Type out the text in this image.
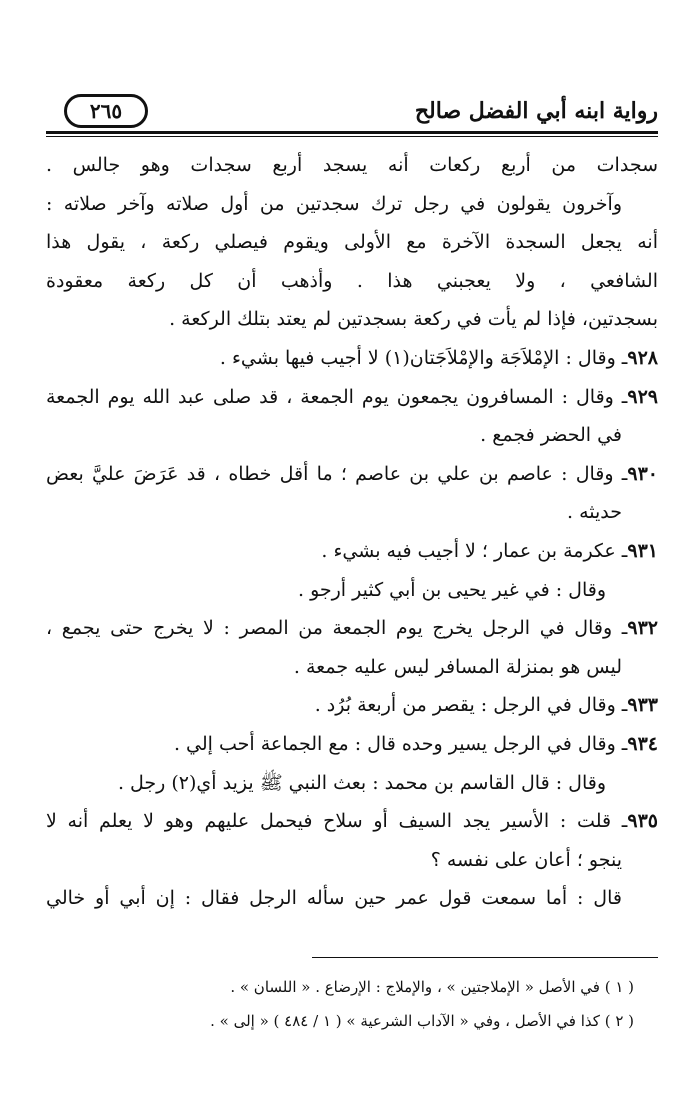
رواية ابنه أبي الفضل صالح
٢٦٥
سجدات من أربع ركعات أنه يسجد أربع سجدات وهو جالس .
وآخرون يقولون في رجل ترك سجدتين من أول صلاته وآخر صلاته :
أنه يجعل السجدة الآخرة مع الأولى ويقوم فيصلي ركعة ، يقول هذا
الشافعي ، ولا يعجبني هذا . وأذهب أن كل ركعة معقودة
بسجدتين، فإذا لم يأت في ركعة بسجدتين لم يعتد بتلك الركعة .
٩٢٨ـ وقال : الإمْلاَجَة والإمْلاَجَتان(١) لا أجيب فيها بشيء .
٩٢٩ـ وقال : المسافرون يجمعون يوم الجمعة ، قد صلى عبد الله يوم الجمعة
في الحضر فجمع .
٩٣٠ـ وقال : عاصم بن علي بن عاصم ؛ ما أقل خطاه ، قد عَرَضَ عليَّ بعض
حديثه .
٩٣١ـ عكرمة بن عمار ؛ لا أجيب فيه بشيء .
وقال : في غير يحيى بن أبي كثير أرجو .
٩٣٢ـ وقال في الرجل يخرج يوم الجمعة من المصر : لا يخرج حتى يجمع ،
ليس هو بمنزلة المسافر ليس عليه جمعة .
٩٣٣ـ وقال في الرجل : يقصر من أربعة بُرُد .
٩٣٤ـ وقال في الرجل يسير وحده قال : مع الجماعة أحب إلي .
وقال : قال القاسم بن محمد : بعث النبي ﷺ يزيد أي(٢) رجل .
٩٣٥ـ قلت : الأسير يجد السيف أو سلاح فيحمل عليهم وهو لا يعلم أنه لا
ينجو ؛ أعان على نفسه ؟
قال : أما سمعت قول عمر حين سأله الرجل فقال : إن أبي أو خالي
( ١ ) في الأصل « الإملاجتين » ، والإملاج : الإرضاع . « اللسان » .
( ٢ ) كذا في الأصل ، وفي « الآداب الشرعية » ( ١ / ٤٨٤ ) « إلى » .
